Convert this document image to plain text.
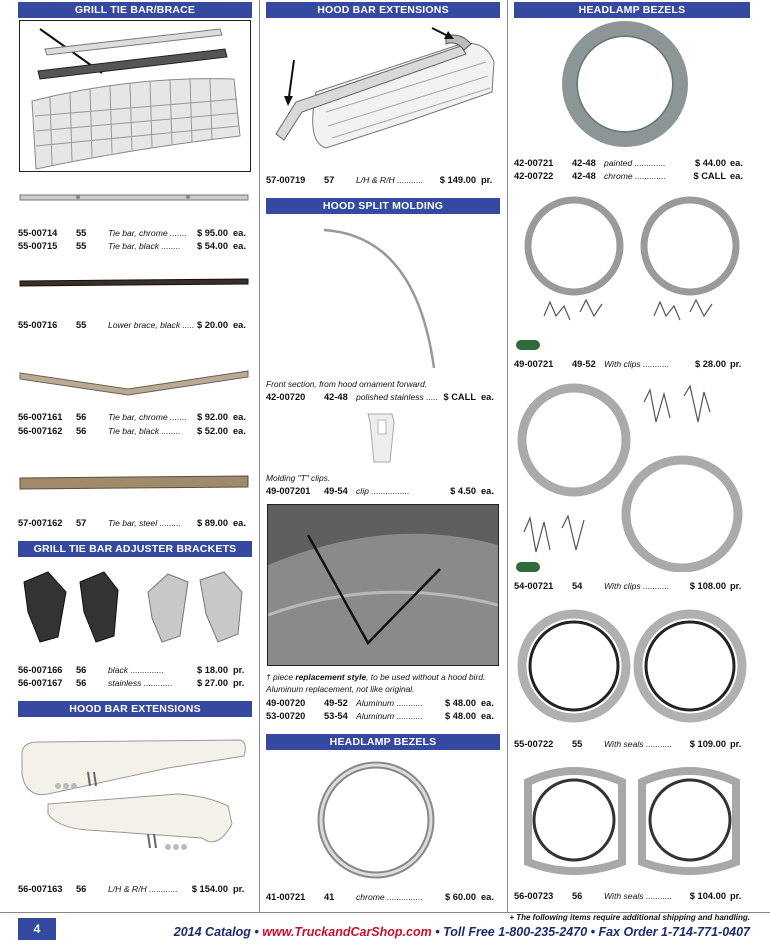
GRILL TIE BAR/BRACE
55-00714 55	Tie bar, chrome .......	$ 95.00 ea.
55-00715 55	Tie bar, black ........	$ 54.00 ea.
55-00716 55	Lower brace, black ..... $ 20.00 ea.
56-007161 56	Tie bar, chrome .......	$ 92.00 ea.
56-007162 56	Tie bar, black ........	$ 52.00 ea.
57-007162 57	Tie bar, steel .........	$ 89.00 ea.
GRILL TIE BAR ADJUSTER BRACKETS
56-007166 56	black ..............	$ 18.00 pr.
56-007167 56	stainless ............	$ 27.00 pr.
HOOD BAR EXTENSIONS
56-007163 56	L/H & R/H ............	$ 154.00 pr.
HOOD BAR EXTENSIONS
57-00719 57	L/H & R/H ...........	$ 149.00 pr.
HOOD SPLIT MOLDING
Front section, from hood ornament forward.
42-00720 42-48 polished stainless ..... $ CALL ea.
Molding "T" clips.
49-007201 49-54 clip ................	$ 4.50 ea.
† piece replacement style, to be used without a hood bird.
Aluminum replacement, not like original.
49-00720 49-52 Aluminum ...........	$ 48.00 ea.
53-00720 53-54 Aluminum ...........	$ 48.00 ea.
HEADLAMP BEZELS
41-00721 41	chrome ...............	$ 60.00 ea.
HEADLAMP BEZELS
42-00721 42-48 painted .............	$ 44.00 ea.
42-00722 42-48 chrome .............	$ CALL ea.
49-00721 49-52 With clips ...........	$ 28.00 pr.
54-00721 54	With clips ...........	$ 108.00 pr.
55-00722 55	With seals ...........	$ 109.00 pr.
56-00723 56	With seals ...........	$ 104.00 pr.
4
+ The following items require additional shipping and handling.
2014 Catalog • www.TruckandCarShop.com • Toll Free 1-800-235-2470 • Fax Order 1-714-771-0407
